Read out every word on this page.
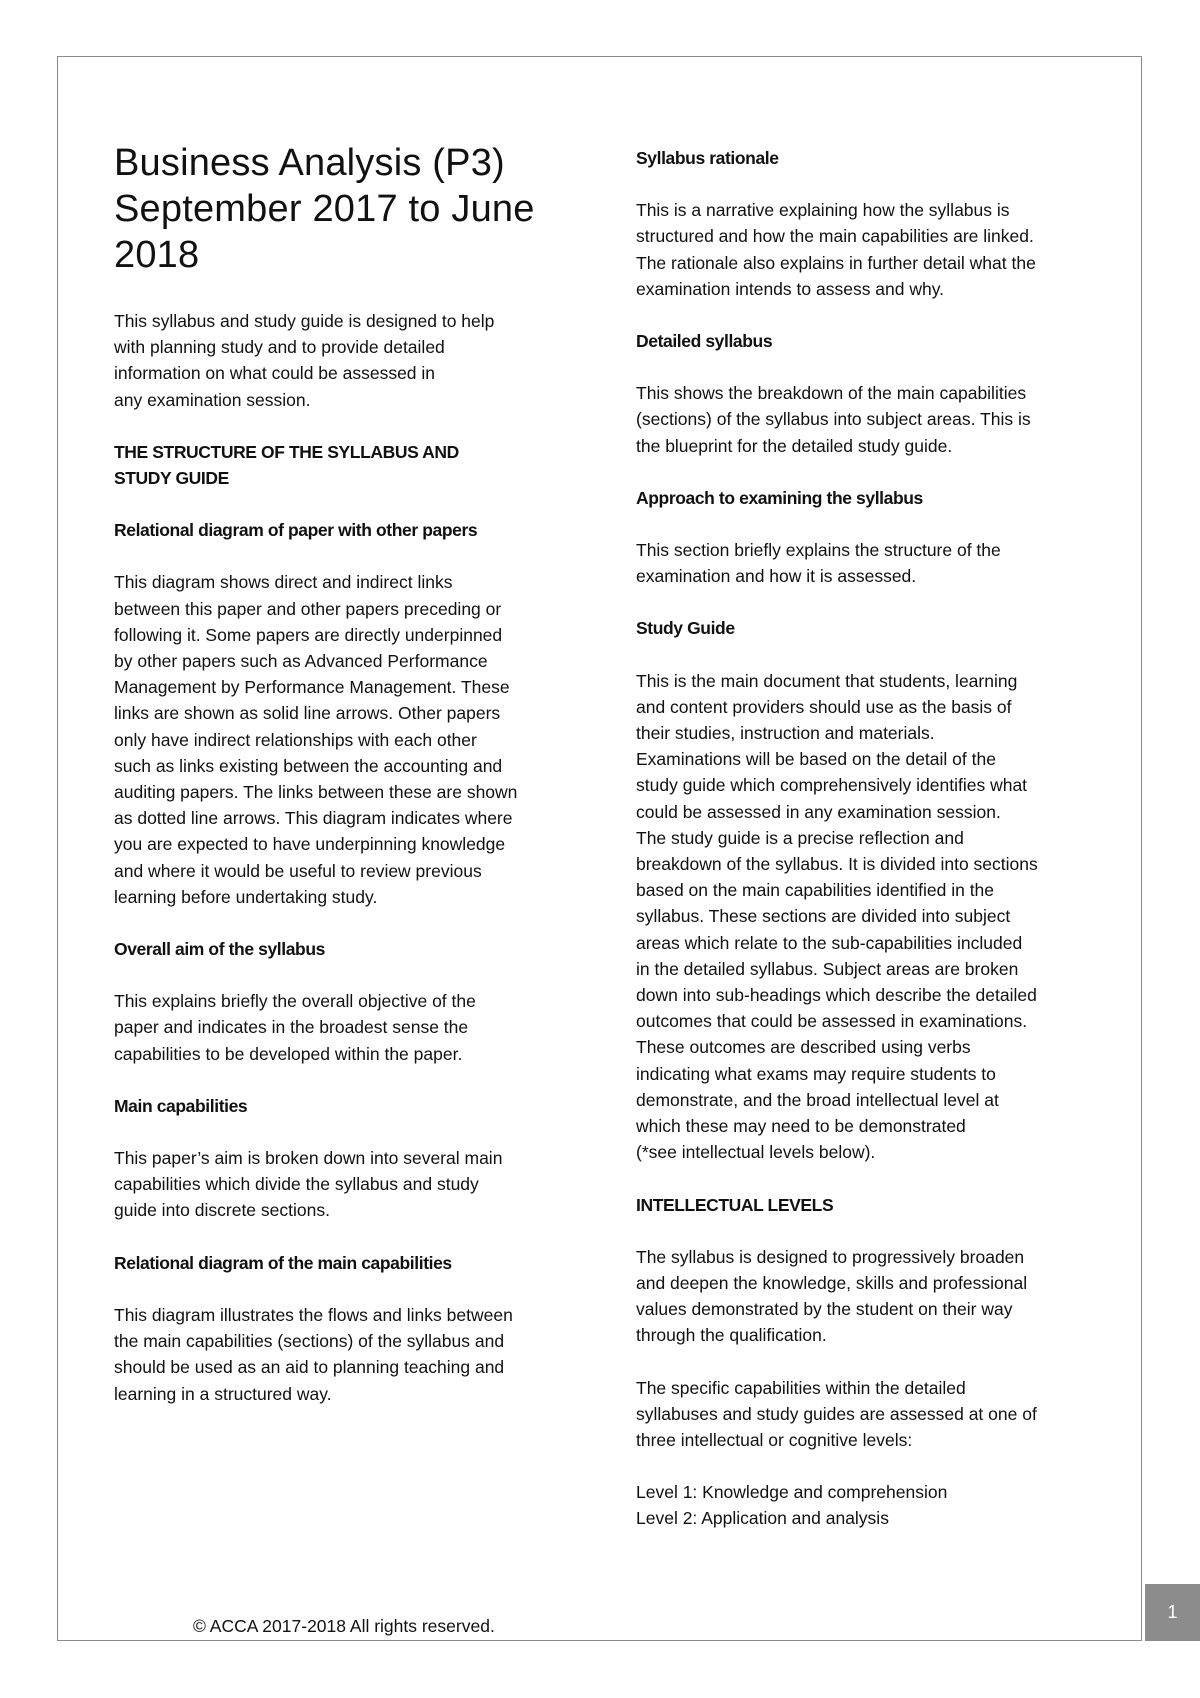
Business Analysis (P3)
September 2017 to June
2018

This syllabus and study guide is designed to help
with planning study and to provide detailed
information on what could be assessed in
any examination session.

THE STRUCTURE OF THE SYLLABUS AND
STUDY GUIDE

Relational diagram of paper with other papers

This diagram shows direct and indirect links
between this paper and other papers preceding or
following it. Some papers are directly underpinned
by other papers such as Advanced Performance
Management by Performance Management. These
links are shown as solid line arrows. Other papers
only have indirect relationships with each other
such as links existing between the accounting and
auditing papers. The links between these are shown
as dotted line arrows. This diagram indicates where
you are expected to have underpinning knowledge
and where it would be useful to review previous
learning before undertaking study.

Overall aim of the syllabus

This explains briefly the overall objective of the
paper and indicates in the broadest sense the
capabilities to be developed within the paper.

Main capabilities

This paper’s aim is broken down into several main
capabilities which divide the syllabus and study
guide into discrete sections.

Relational diagram of the main capabilities

This diagram illustrates the flows and links between
the main capabilities (sections) of the syllabus and
should be used as an aid to planning teaching and
learning in a structured way.

Syllabus rationale

This is a narrative explaining how the syllabus is
structured and how the main capabilities are linked.
The rationale also explains in further detail what the
examination intends to assess and why.

Detailed syllabus

This shows the breakdown of the main capabilities
(sections) of the syllabus into subject areas. This is
the blueprint for the detailed study guide.

Approach to examining the syllabus

This section briefly explains the structure of the
examination and how it is assessed.

Study Guide

This is the main document that students, learning
and content providers should use as the basis of
their studies, instruction and materials.
Examinations will be based on the detail of the
study guide which comprehensively identifies what
could be assessed in any examination session.
The study guide is a precise reflection and
breakdown of the syllabus. It is divided into sections
based on the main capabilities identified in the
syllabus. These sections are divided into subject
areas which relate to the sub-capabilities included
in the detailed syllabus. Subject areas are broken
down into sub-headings which describe the detailed
outcomes that could be assessed in examinations.
These outcomes are described using verbs
indicating what exams may require students to
demonstrate, and the broad intellectual level at
which these may need to be demonstrated
(*see intellectual levels below).

INTELLECTUAL LEVELS

The syllabus is designed to progressively broaden
and deepen the knowledge, skills and professional
values demonstrated by the student on their way
through the qualification.

The specific capabilities within the detailed
syllabuses and study guides are assessed at one of
three intellectual or cognitive levels:

Level 1: Knowledge and comprehension
Level 2: Application and analysis

© ACCA 2017-2018 All rights reserved.
1
